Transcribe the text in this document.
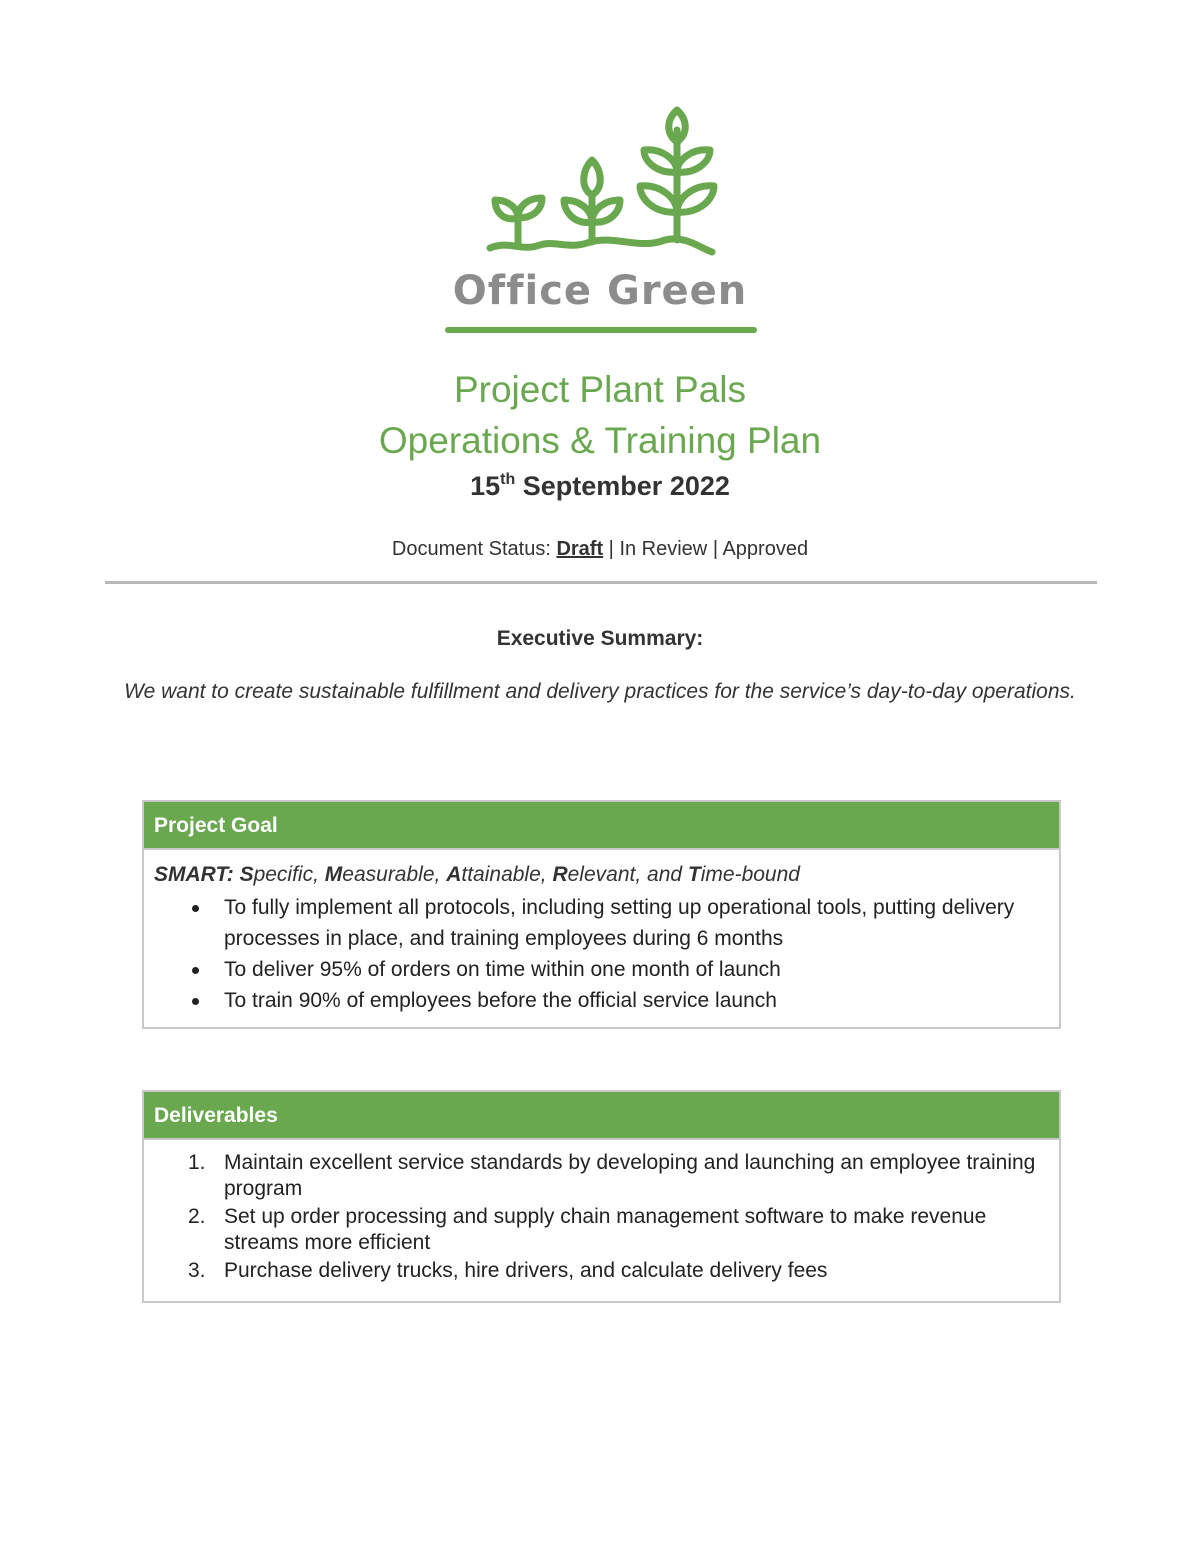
Office Green
Project Plant Pals
Operations & Training Plan
15th September 2022
Document Status: Draft | In Review | Approved
Executive Summary:
We want to create sustainable fulfillment and delivery practices for the service’s day-to-day operations.
Project Goal
SMART: Specific, Measurable, Attainable, Relevant, and Time-bound
To fully implement all protocols, including setting up operational tools, putting delivery processes in place, and training employees during 6 months
To deliver 95% of orders on time within one month of launch
To train 90% of employees before the official service launch
Deliverables
1. Maintain excellent service standards by developing and launching an employee training program
2. Set up order processing and supply chain management software to make revenue streams more efficient
3. Purchase delivery trucks, hire drivers, and calculate delivery fees
